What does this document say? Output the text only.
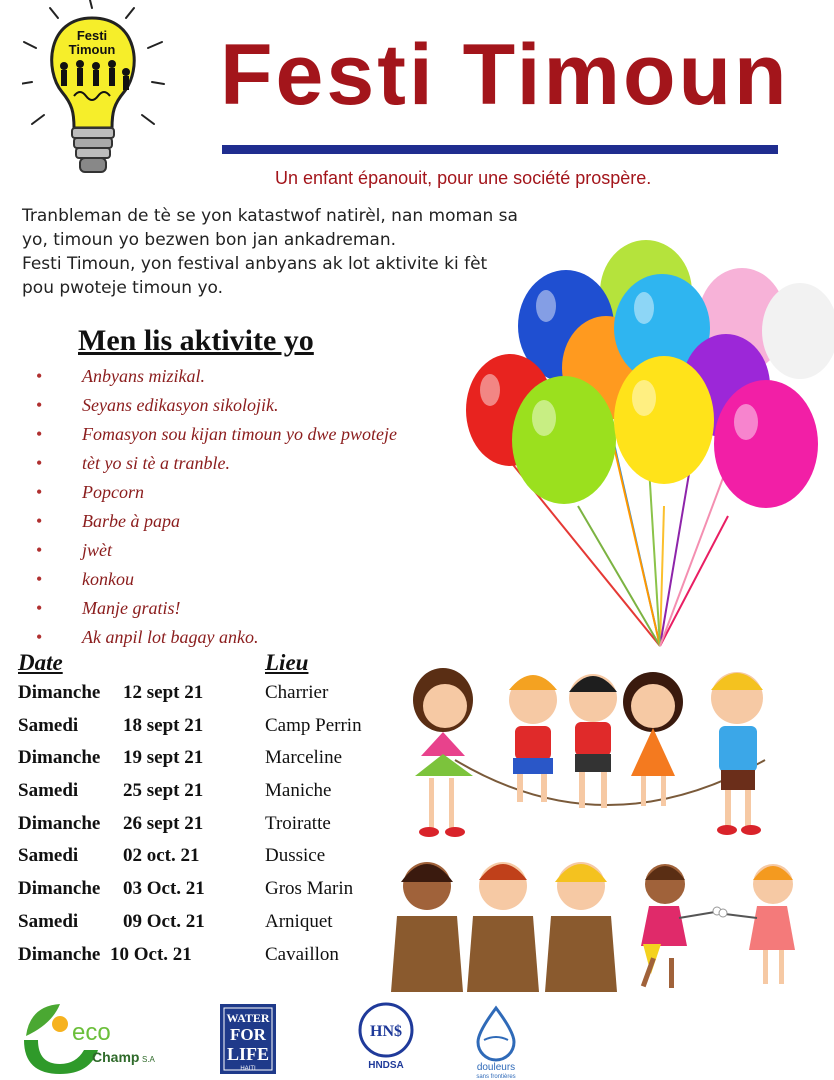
Festi
Timoun Festi Timoun
Un enfant épanouit, pour une société prospère.
Tranbleman de tè se yon katastwof natirèl, nan moman sa
yo, timoun yo bezwen bon jan ankadreman.
Festi Timoun, yon festival anbyans ak lot aktivite ki fèt
pou pwoteje timoun yo.
Men lis aktivite yo
• Anbyans mizikal.
• Seyans edikasyon sikolojik.
• Fomasyon sou kijan timoun yo dwe pwoteje
• tèt yo si tè a tranble.
• Popcorn
• Barbe à papa
• jwèt
• konkou
• Manje gratis!
• Ak anpil lot bagay anko.
Date	Lieu
Dimanche 12 sept 21	Charrier
Samedi 18 sept 21	Camp Perrin
Dimanche 19 sept 21	Marceline
Samedi 25 sept 21	Maniche
Dimanche 26 sept 21	Troiratte
Samedi 02 oct. 21	Dussice
Dimanche 03 Oct. 21	Gros Marin
Samedi 09 Oct. 21	Arniquet
Dimanche 10 Oct. 21	Cavaillon
eco
Champ S.A
WATER
FOR
LIFE
HAITI
HN$
HNDSA	douleurs
sans frontières
